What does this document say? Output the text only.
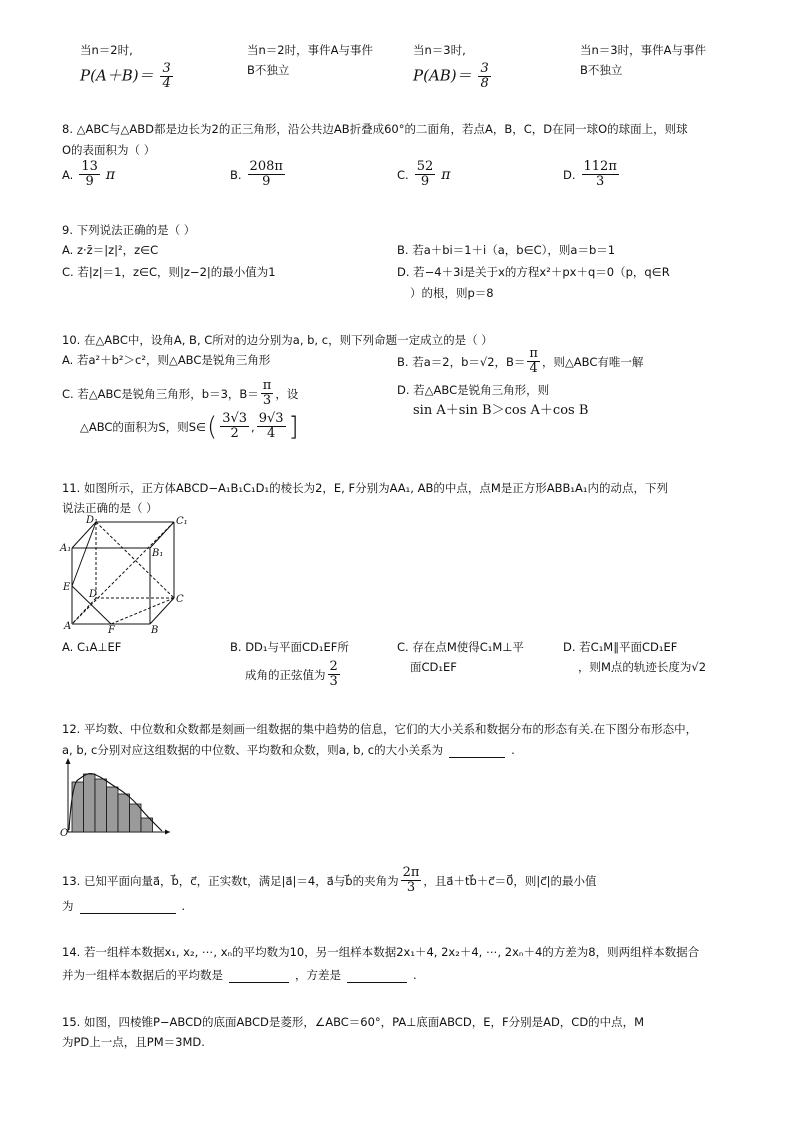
当n＝2时,
$P(A+B)= \frac{3}{4}$
当n＝2时，事件A与事件
B不独立
当n＝3时,
$P(AB)= \frac{3}{8}$
当n＝3时，事件A与事件
B不独立
8. △ABC与△ABD都是边长为2的正三角形，沿公共边AB折叠成60°的二面角，若点A，B，C，D在同一球O的球面上，则球
O的表面积为（ ）
A. $\frac{13}{9}$ π	B. $\frac{208\pi}{9}$	C. $\frac{52}{9}$ π	D. $\frac{112\pi}{3}$
9. 下列说法正确的是（ ）
A. z·z̄＝|z|²，z∈C	B. 若a＋bi＝1＋i（a，b∈C），则a＝b＝1
C. 若|z|＝1，z∈C，则|z−2|的最小值为1	D. 若−4＋3i是关于x的方程x²＋px＋q＝0（p，q∈R
）的根，则p＝8
10. 在△ABC中，设角A, B, C所对的边分别为a, b, c，则下列命题一定成立的是（ ）
A. 若a²＋b²＞c²，则△ABC是锐角三角形	B. 若a＝2，b＝√2，$B= \frac{\pi}{4}$ ，则△ABC有唯一解
C. 若△ABC是锐角三角形，b＝3，$B= \frac{\pi}{3}$ ，设
△ABC的面积为S，则S∈ ( $\frac{3√3}{2}$ , $\frac{9√3}{4}$ ]
D. 若△ABC是锐角三角形，则
sin A＋sin B＞cos A＋cos B
11. 如图所示，正方体ABCD−A₁B₁C₁D₁的棱长为2，E, F分别为AA₁, AB的中点，点M是正方形ABB₁A₁内的动点，下列
说法正确的是（ ）
D₁	C₁
A₁	B₁
E
D	C
A	F	B
A. C₁A⊥EF	B. DD₁与平面CD₁EF所
成角的正弦值为 $\frac{2}{3}$
C. 存在点M使得C₁M⊥平
面CD₁EF
D. 若C₁M∥平面CD₁EF
，则M点的轨迹长度为√2
12. 平均数、中位数和众数都是刻画一组数据的集中趋势的信息，它们的大小关系和数据分布的形态有关.在下图分布形态中，
a, b, c分别对应这组数据的中位数、平均数和众数，则a, b, c的大小关系为
	.
O
13. 已知平面向量a⃗，b⃗，c⃗，正实数t，满足|a⃗|＝4，a⃗与b⃗的夹角为 $\frac{2\pi}{3}$ ，且a⃗＋tb⃗＋c⃗＝0⃗，则|c⃗|的最小值
为
	.
14. 若一组样本数据x₁, x₂, ⋯, xₙ的平均数为10，另一组样本数据2x₁＋4, 2x₂＋4, ⋯, 2xₙ＋4的方差为8，则两组样本数据合
并为一组样本数据后的平均数是
	，方差是
	.
15. 如图，四棱锥P−ABCD的底面ABCD是菱形，∠ABC＝60°，PA⊥底面ABCD，E，F分别是AD，CD的中点，M
为PD上一点，且PM＝3MD.
